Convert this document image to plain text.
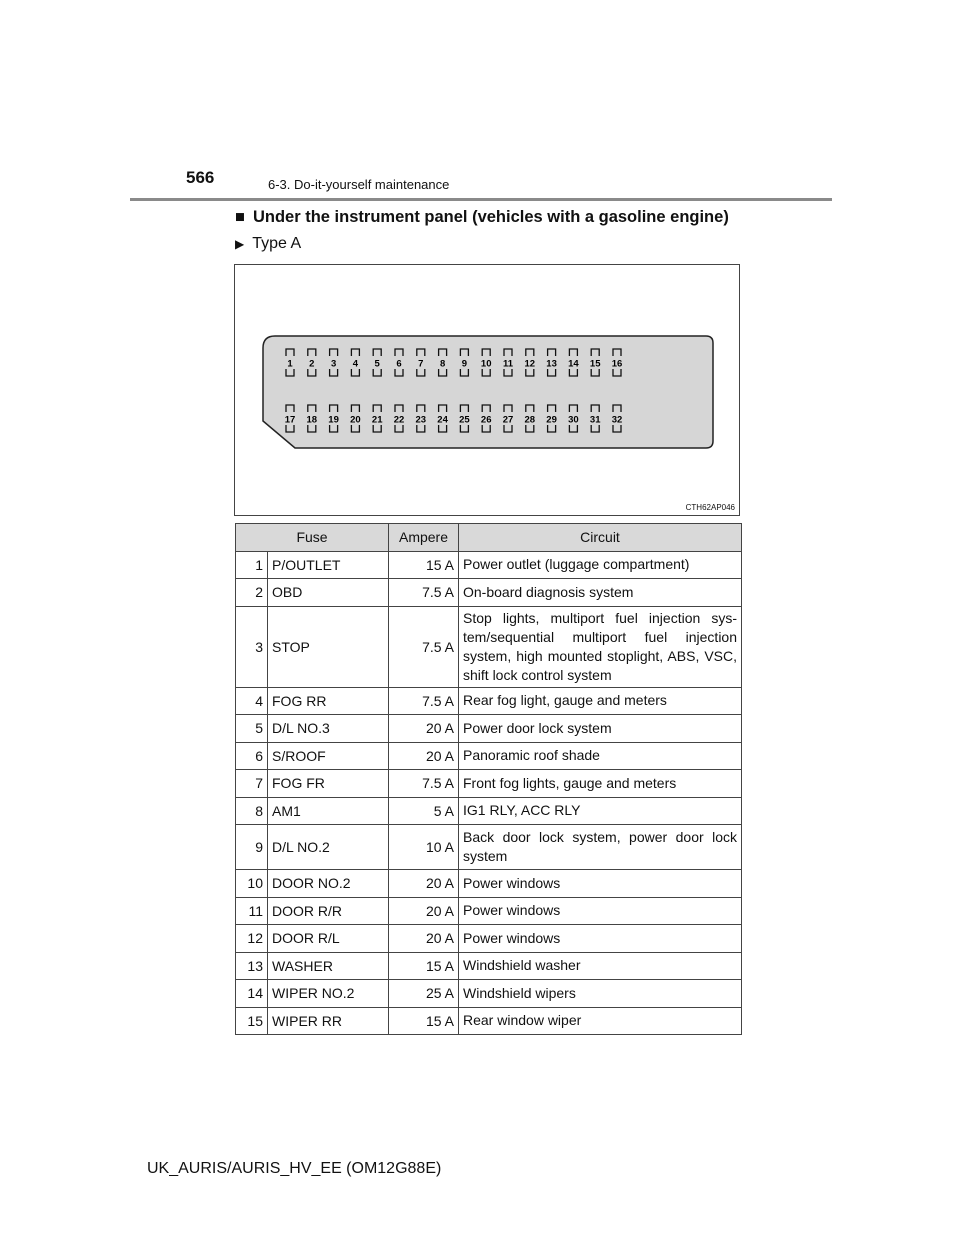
566	6-3. Do-it-yourself maintenance
■ Under the instrument panel (vehicles with a gasoline engine)
▶ Type A
1 2 3 4 5 6 7 8 9 10 11 12 13 14 15 16
17 18 19 20 21 22 23 24 25 26 27 28 29 30 31 32
CTH62AP046
Fuse		Ampere	Circuit
1	P/OUTLET	15 A	Power outlet (luggage compartment)
2	OBD	7.5 A	On-board diagnosis system
3	STOP	7.5 A	Stop lights, multiport fuel injection sys-tem/sequential multiport fuel injection system, high mounted stoplight, ABS, VSC, shift lock control system
4	FOG RR	7.5 A	Rear fog light, gauge and meters
5	D/L NO.3	20 A	Power door lock system
6	S/ROOF	20 A	Panoramic roof shade
7	FOG FR	7.5 A	Front fog lights, gauge and meters
8	AM1	5 A	IG1 RLY, ACC RLY
9	D/L NO.2	10 A	Back door lock system, power door lock system
10	DOOR NO.2	20 A	Power windows
11	DOOR R/R	20 A	Power windows
12	DOOR R/L	20 A	Power windows
13	WASHER	15 A	Windshield washer
14	WIPER NO.2	25 A	Windshield wipers
15	WIPER RR	15 A	Rear window wiper
UK_AURIS/AURIS_HV_EE (OM12G88E)
